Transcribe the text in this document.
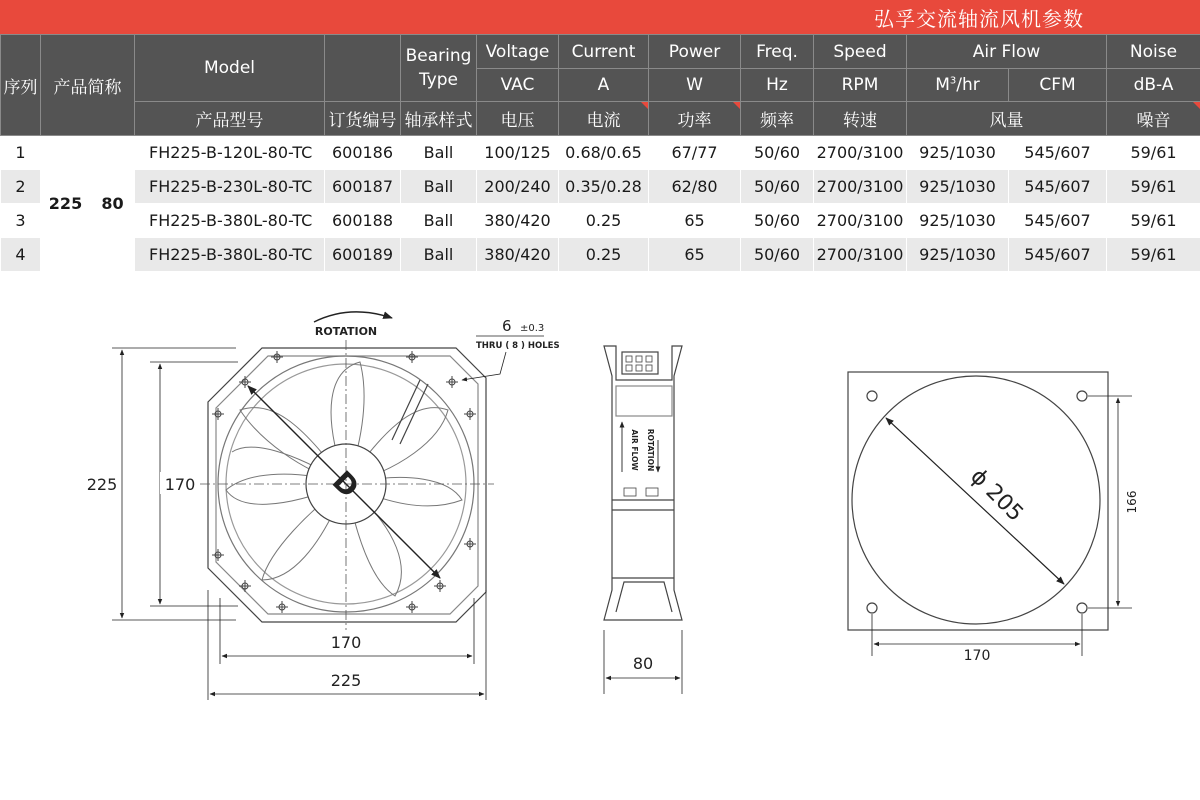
弘孚交流轴流风机参数
序列	产品简称		Model		Bearing Type	Voltage	Current	Power	Freq.	Speed	Air Flow		Noise
						VAC	A	W	Hz	RPM	$M^3/hr$	CFM	dB-A
			产品型号	订货编号	轴承样式	电压	电流	功率	频率	转速	风量		噪音
1	225	80	FH225-B-120L-80-TC	600186	Ball	100/125	0.68/0.65	67/77	50/60	2700/3100	925/1030	545/607	59/61
2			FH225-B-230L-80-TC	600187	Ball	200/240	0.35/0.28	62/80	50/60	2700/3100	925/1030	545/607	59/61
3			FH225-B-380L-80-TC	600188	Ball	380/420	0.25	65	50/60	2700/3100	925/1030	545/607	59/61
4			FH225-B-380L-80-TC	600189	Ball	380/420	0.25	65	50/60	2700/3100	925/1030	545/607	59/61
D
ROTATION	6 ±0.3
THRU ( 8 ) HOLES
225	170
170
225
AIR FLOW ROTATION
80
ϕ 205	166
170
